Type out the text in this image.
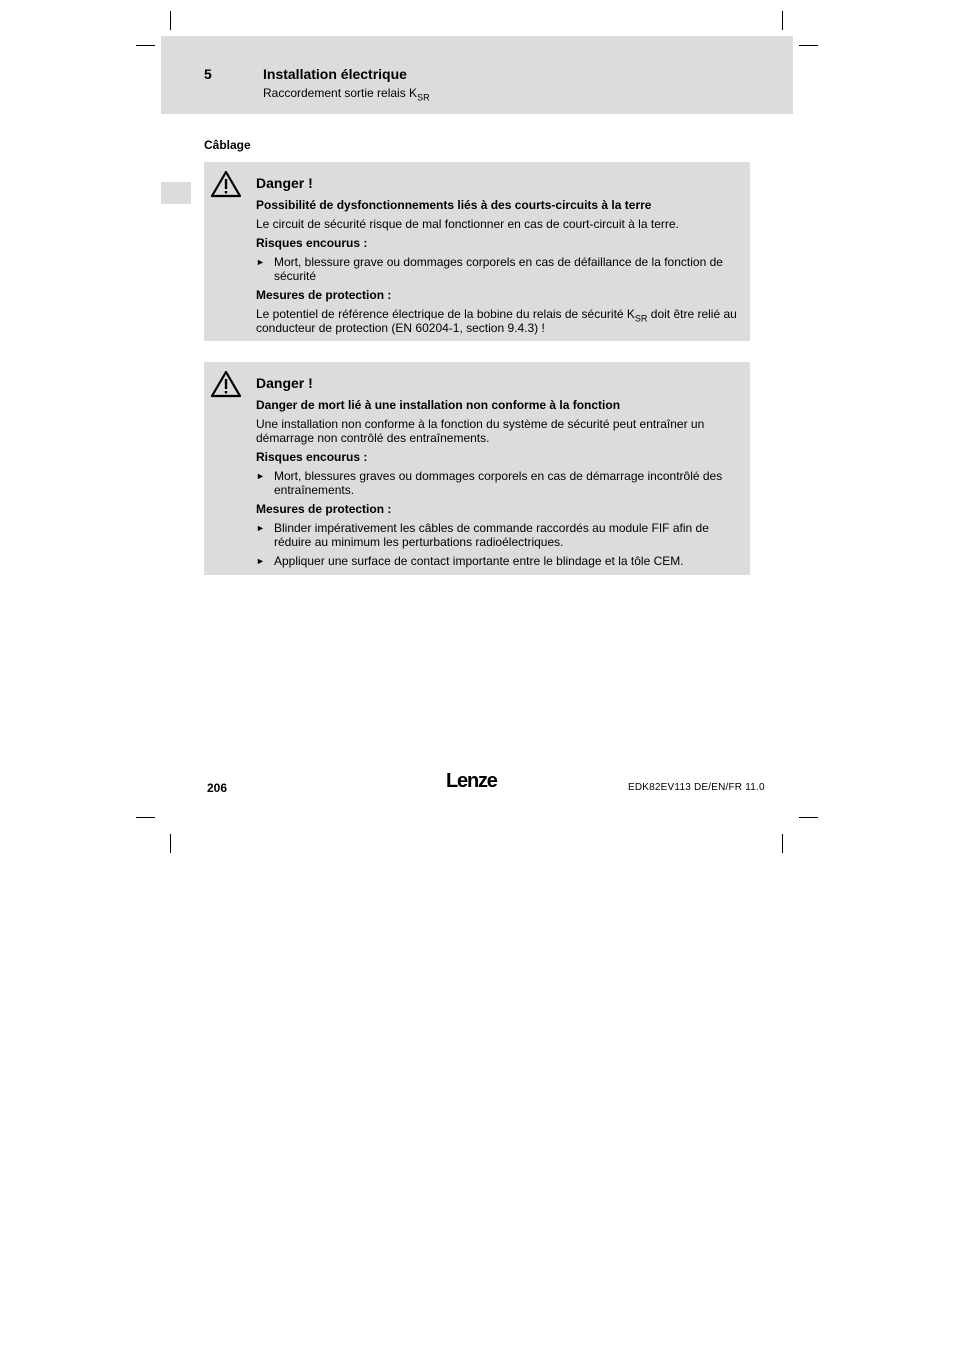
5	Installation électrique
Raccordement sortie relais $K_{SR}$
Câblage
Danger !
Possibilité de dysfonctionnements liés à des courts-circuits à la terre
Le circuit de sécurité risque de mal fonctionner en cas de court-circuit à la terre.
Risques encourus :
► Mort, blessure grave ou dommages corporels en cas de défaillance de la fonction de sécurité
Mesures de protection :
Le potentiel de référence électrique de la bobine du relais de sécurité $K_{SR}$ doit être relié au conducteur de protection (EN 60204-1, section 9.4.3) !
Danger !
Danger de mort lié à une installation non conforme à la fonction
Une installation non conforme à la fonction du système de sécurité peut entraîner un démarrage non contrôlé des entraînements.
Risques encourus :
► Mort, blessures graves ou dommages corporels en cas de démarrage incontrôlé des entraînements.
Mesures de protection :
► Blinder impérativement les câbles de commande raccordés au module FIF afin de réduire au minimum les perturbations radioélectriques.
► Appliquer une surface de contact importante entre le blindage et la tôle CEM.
206	Lenze	EDK82EV113 DE/EN/FR 11.0
